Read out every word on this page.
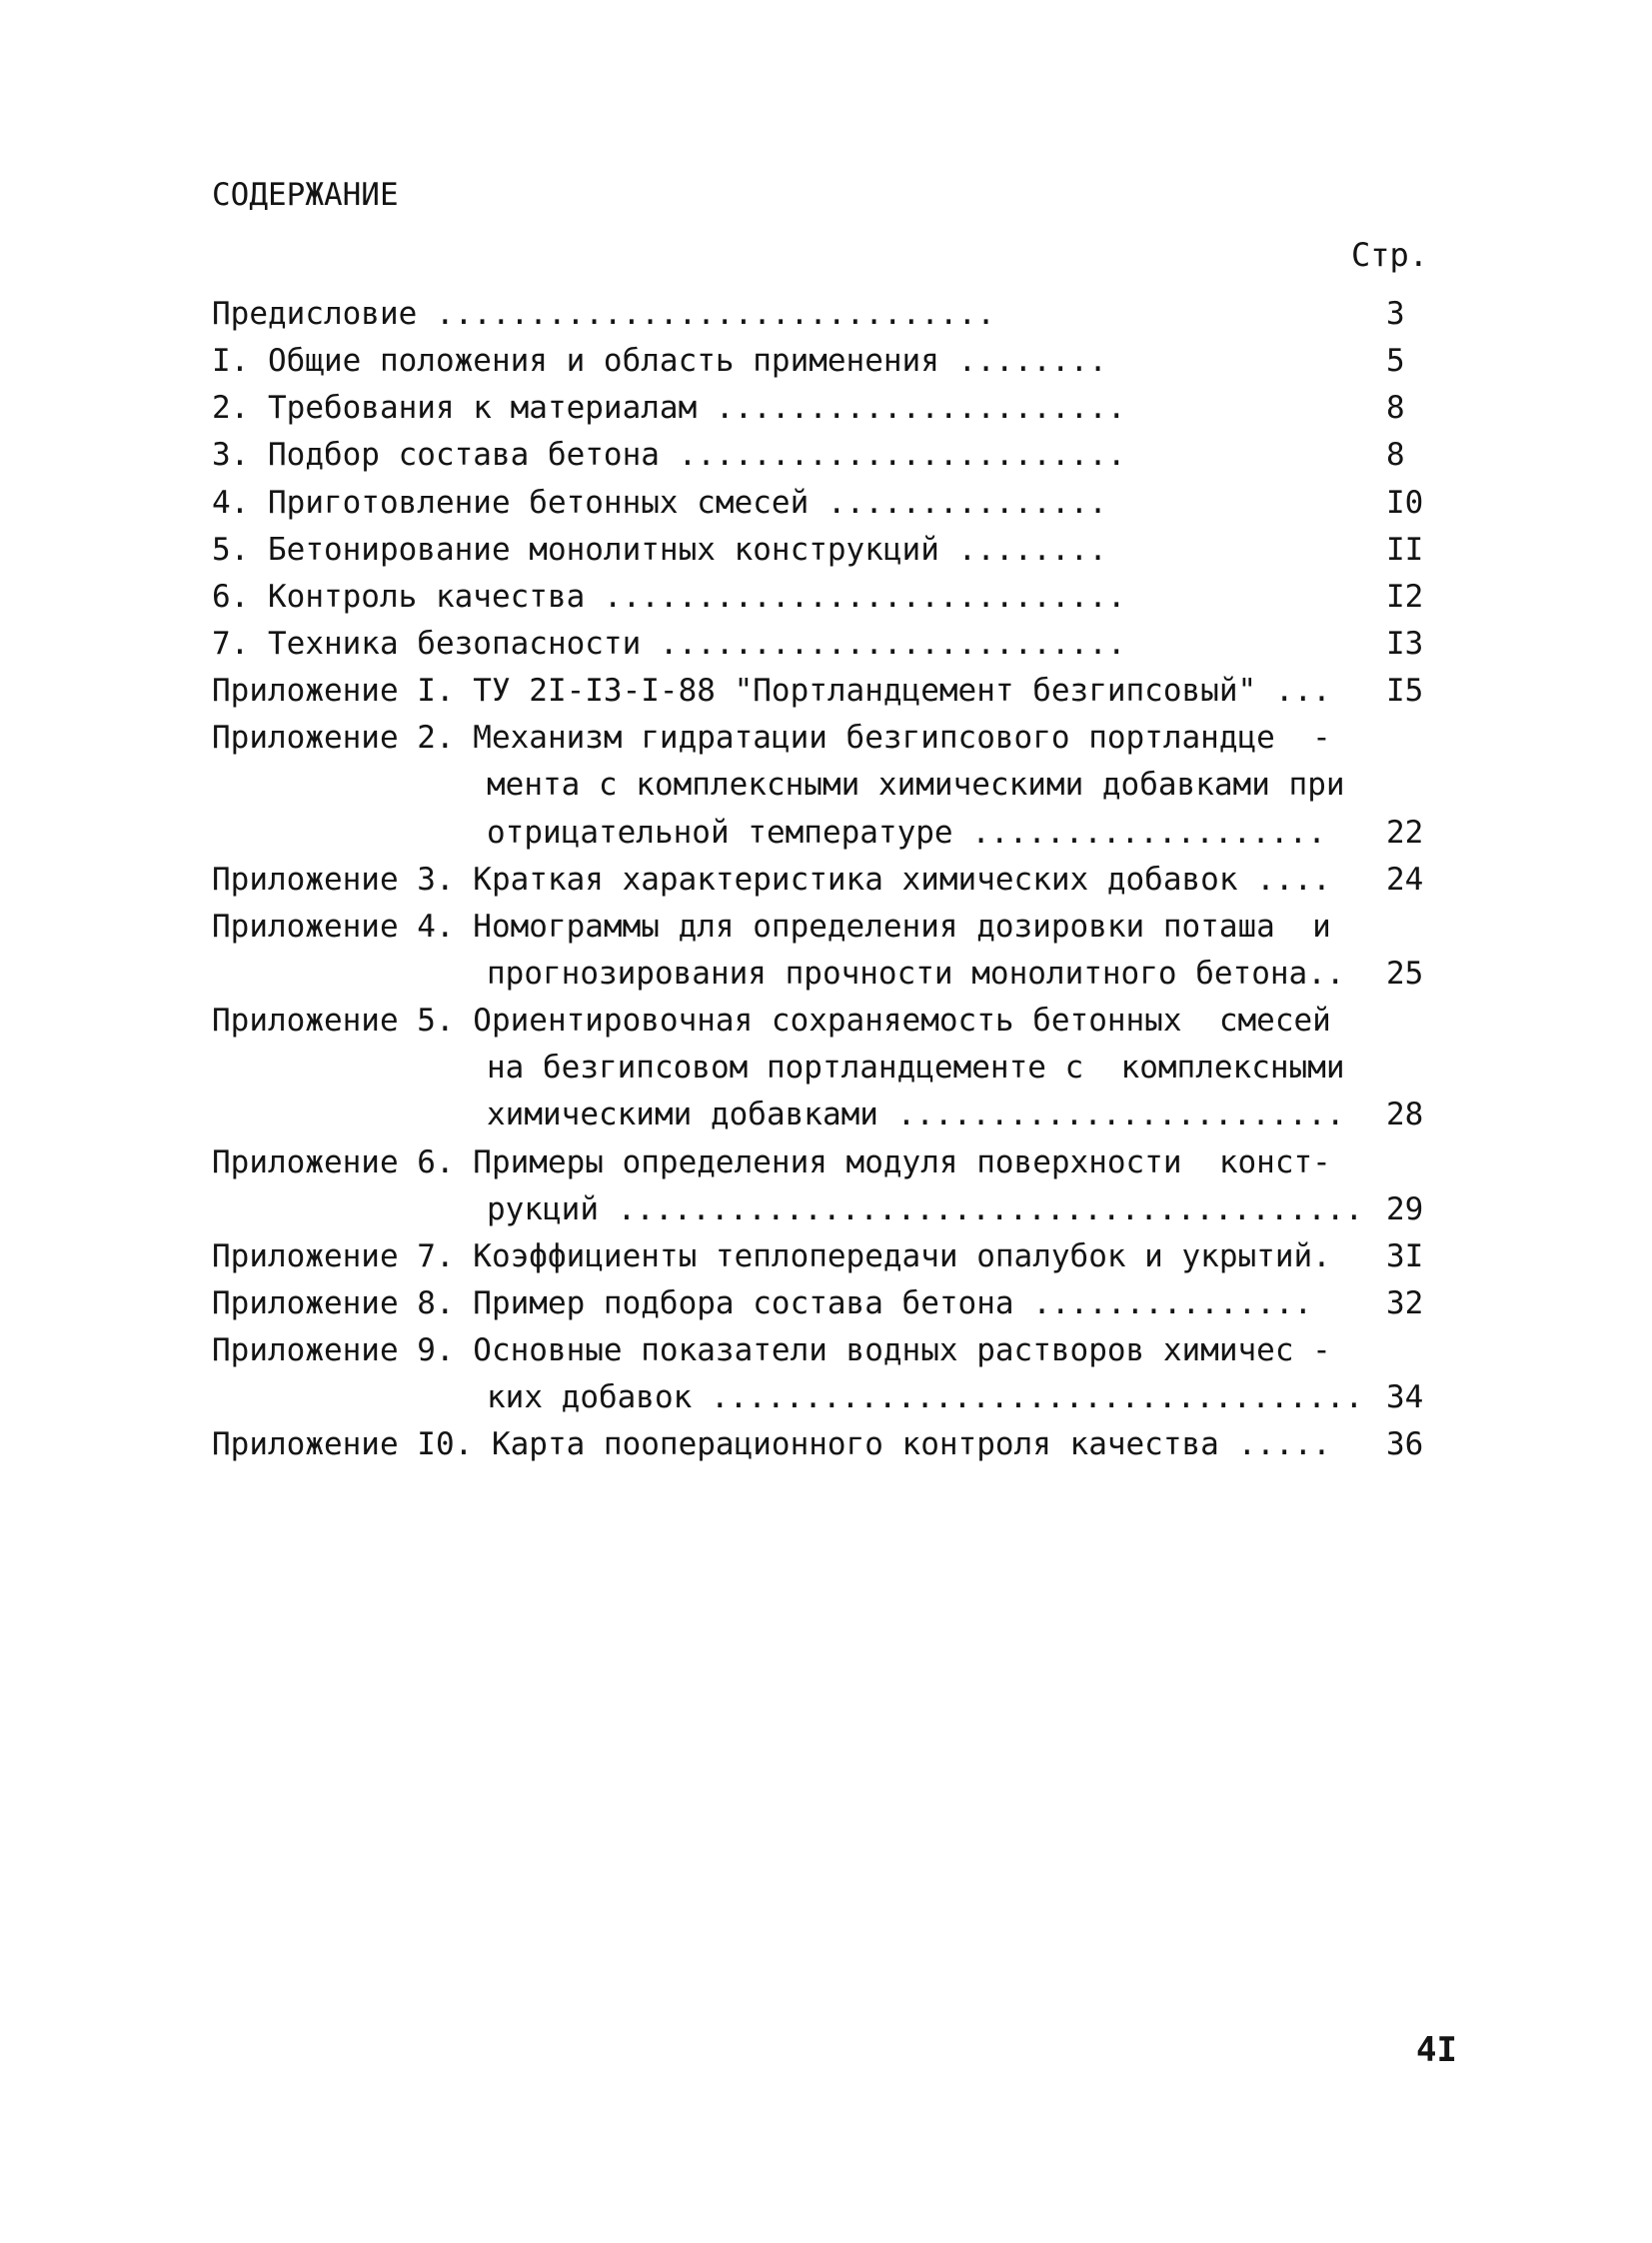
СОДЕРЖАНИЕ
Стр.
Предисловие ..............................	3
I. Общие положения и область применения ........	5
2. Требования к материалам ......................	8
3. Подбор состава бетона ........................	8
4. Приготовление бетонных смесей ...............	I0
5. Бетонирование монолитных конструкций ........	II
6. Контроль качества ............................	I2
7. Техника безопасности .........................	I3
Приложение I. ТУ 2I-I3-I-88 "Портландцемент безгипсовый" ... I5
Приложение 2. Механизм гидратации безгипсового портландце  -
мента с комплексными химическими добавками при
отрицательной температуре ................... 22
Приложение 3. Краткая характеристика химических добавок .... 24
Приложение 4. Номограммы для определения дозировки поташа  и
прогнозирования прочности монолитного бетона.. 25
Приложение 5. Ориентировочная сохраняемость бетонных  смесей
на безгипсовом портландцементе с  комплексными
химическими добавками ........................ 28
Приложение 6. Примеры определения модуля поверхности  конст-
рукций ........................................ 29
Приложение 7. Коэффициенты теплопередачи опалубок и укрытий. 3I
Приложение 8. Пример подбора состава бетона ............... 32
Приложение 9. Основные показатели водных растворов химичес -
ких добавок ................................... 34
Приложение I0. Карта пооперационного контроля качества ..... 36
4I
